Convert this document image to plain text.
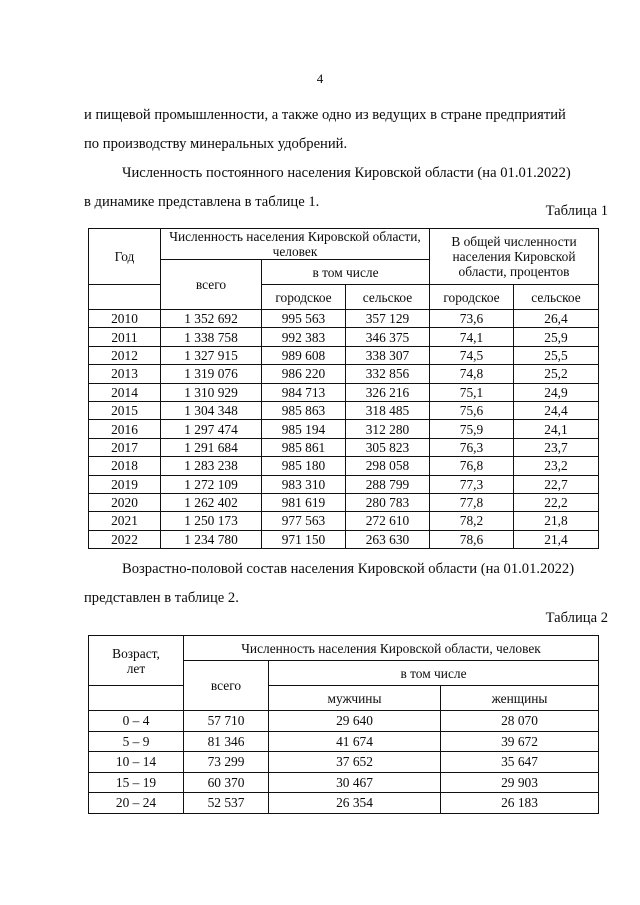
4

и пищевой промышленности, а также одно из ведущих в стране предприятий

по производству минеральных удобрений.

Численность постоянного населения Кировской области (на 01.01.2022)

в динамике представлена в таблице 1.

Таблица 1
Год	Численность населения Кировской области, человек			В общей численности населения Кировской области, процентов	
	всего	в том числе			
		городское	сельское	городское	сельское
2010	1 352 692	995 563	357 129	73,6	26,4
2011	1 338 758	992 383	346 375	74,1	25,9
2012	1 327 915	989 608	338 307	74,5	25,5
2013	1 319 076	986 220	332 856	74,8	25,2
2014	1 310 929	984 713	326 216	75,1	24,9
2015	1 304 348	985 863	318 485	75,6	24,4
2016	1 297 474	985 194	312 280	75,9	24,1
2017	1 291 684	985 861	305 823	76,3	23,7
2018	1 283 238	985 180	298 058	76,8	23,2
2019	1 272 109	983 310	288 799	77,3	22,7
2020	1 262 402	981 619	280 783	77,8	22,2
2021	1 250 173	977 563	272 610	78,2	21,8
2022	1 234 780	971 150	263 630	78,6	21,4

Возрастно-половой состав населения Кировской области (на 01.01.2022)

представлен в таблице 2.

Таблица 2
Возраст,
лет	Численность населения Кировской области, человек		
	всего	в том числе	
		мужчины	женщины
0 – 4	57 710	29 640	28 070
5 – 9	81 346	41 674	39 672
10 – 14	73 299	37 652	35 647
15 – 19	60 370	30 467	29 903
20 – 24	52 537	26 354	26 183
